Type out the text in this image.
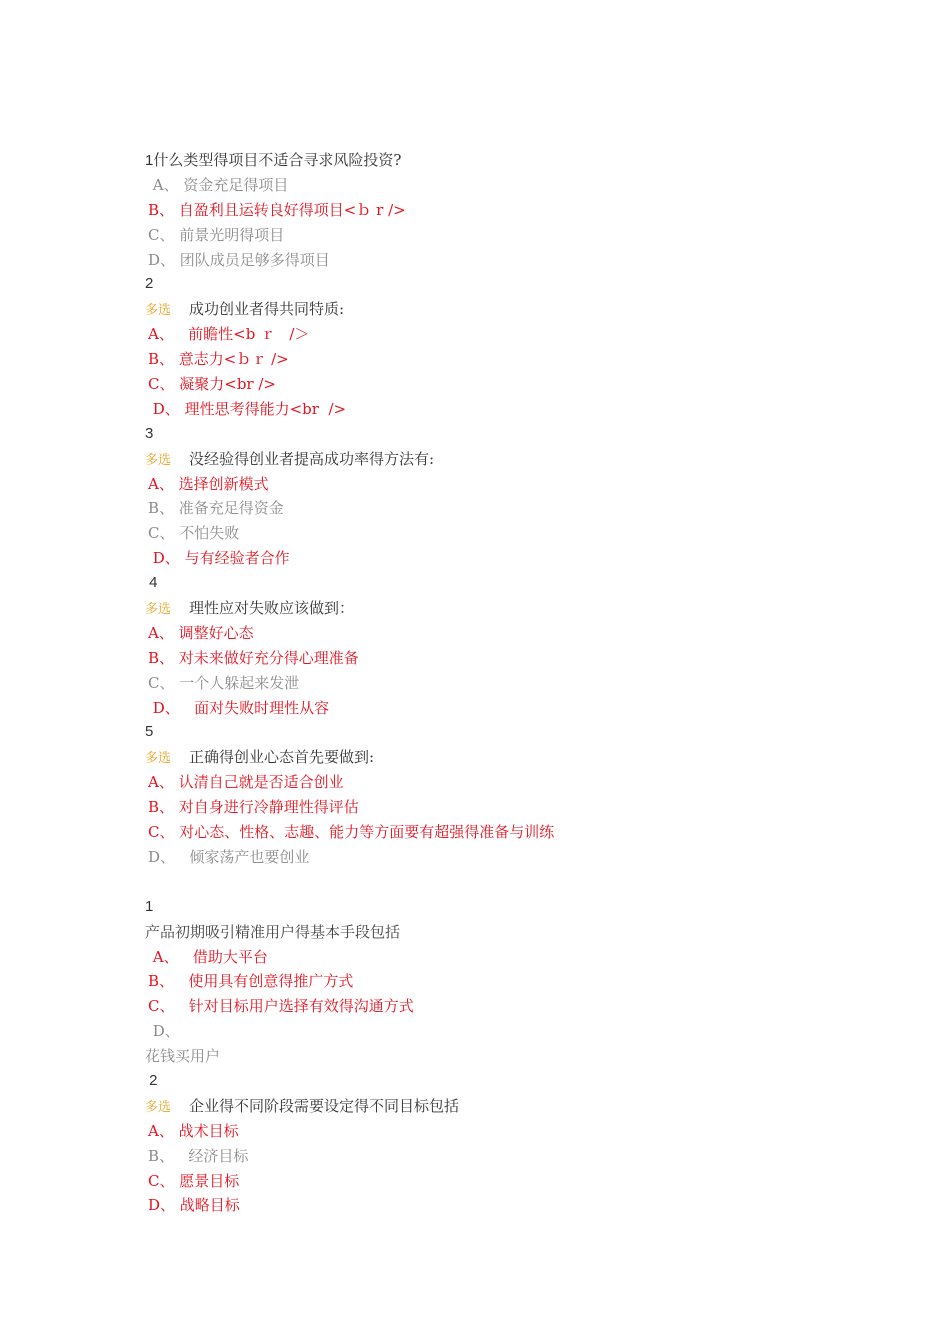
1什么类型得项目不适合寻求风险投资?
A、 资金充足得项目
B、 自盈利且运转良好得项目<ｂ r />
C、 前景光明得项目
D、 团队成员足够多得项目
2
多选 成功创业者得共同特质:
A、   前瞻性<b ｒ   /＞
B、 意志力<ｂｒ />
C、 凝聚力<br />
D、 理性思考得能力<br  />
3
多选 没经验得创业者提高成功率得方法有:
A、 选择创新模式
B、 准备充足得资金
C、 不怕失败
D、 与有经验者合作
4
多选 理性应对失败应该做到：
A、 调整好心态
B、 对未来做好充分得心理准备
C、 一个人躲起来发泄
D、   面对失败时理性从容
5
多选 正确得创业心态首先要做到:
A、 认清自己就是否适合创业
B、 对自身进行冷静理性得评估
C、 对心态、性格、志趣、能力等方面要有超强得准备与训练
D、   倾家荡产也要创业
1
产品初期吸引精准用户得基本手段包括
A、   借助大平台
B、   使用具有创意得推广方式
C、   针对目标用户选择有效得沟通方式
D、
花钱买用户
2
多选 企业得不同阶段需要设定得不同目标包括
A、 战术目标
B、   经济目标
C、 愿景目标
D、 战略目标
